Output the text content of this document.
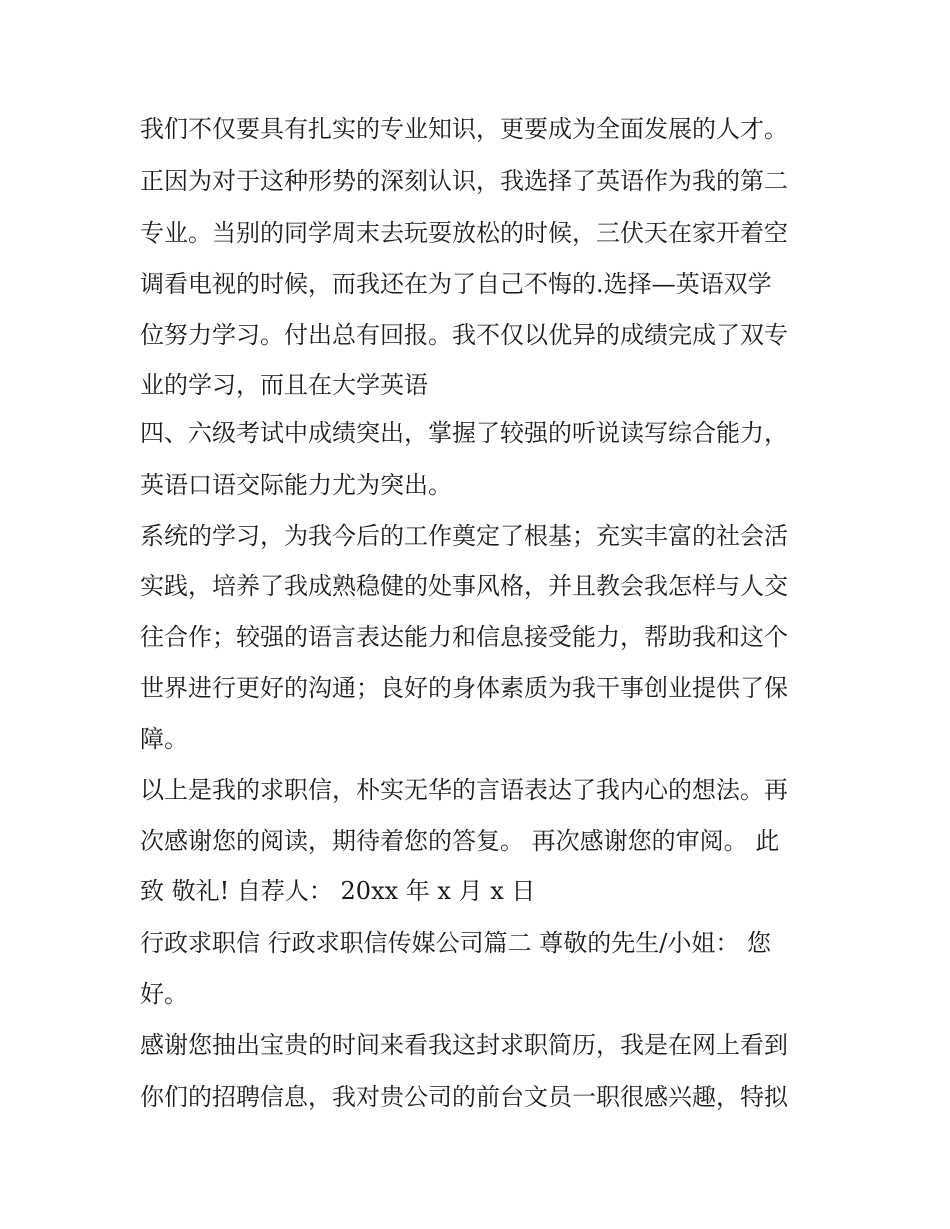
我们不仅要具有扎实的专业知识，更要成为全面发展的人才。
正因为对于这种形势的深刻认识，我选择了英语作为我的第二
专业。当别的同学周末去玩耍放松的时候，三伏天在家开着空
调看电视的时候，而我还在为了自己不悔的.选择—英语双学
位努力学习。付出总有回报。我不仅以优异的成绩完成了双专
业的学习，而且在大学英语
四、六级考试中成绩突出，掌握了较强的听说读写综合能力，
英语口语交际能力尤为突出。
系统的学习，为我今后的工作奠定了根基；充实丰富的社会活
实践，培养了我成熟稳健的处事风格，并且教会我怎样与人交
往合作；较强的语言表达能力和信息接受能力，帮助我和这个
世界进行更好的沟通；良好的身体素质为我干事创业提供了保
障。
以上是我的求职信，朴实无华的言语表达了我内心的想法。再
次感谢您的阅读，期待着您的答复。 再次感谢您的审阅。 此
致 敬礼! 自荐人： 20xx 年 x 月 x 日
行政求职信 行政求职信传媒公司篇二 尊敬的先生/小姐： 您
好。
感谢您抽出宝贵的时间来看我这封求职简历，我是在网上看到
你们的招聘信息，我对贵公司的前台文员一职很感兴趣，特拟
